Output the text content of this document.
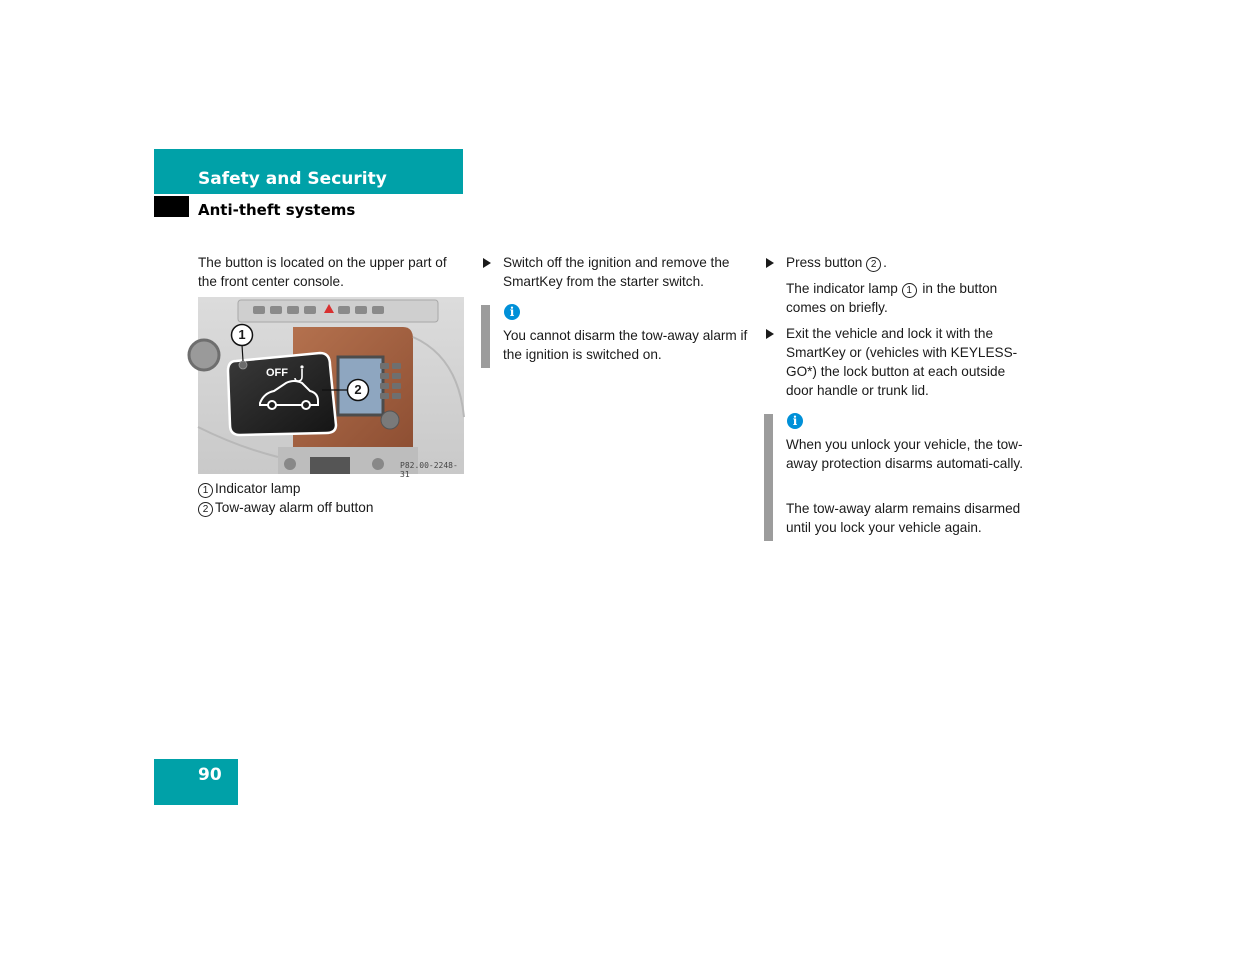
Safety and Security
Anti-theft systems

The button is located on the upper part of the front center console.

1
2
OFF
P82.00-2248-31
1 Indicator lamp
2 Tow-away alarm off button

Switch off the ignition and remove the SmartKey from the starter switch.

i

You cannot disarm the tow-away alarm if the ignition is switched on.

Press button 2 .

The indicator lamp 1 in the button comes on briefly.

Exit the vehicle and lock it with the SmartKey or (vehicles with KEYLESS-GO*) the lock button at each outside door handle or trunk lid.

i

When you unlock your vehicle, the tow-away protection disarms automati-cally.

The tow-away alarm remains disarmed until you lock your vehicle again.

90
